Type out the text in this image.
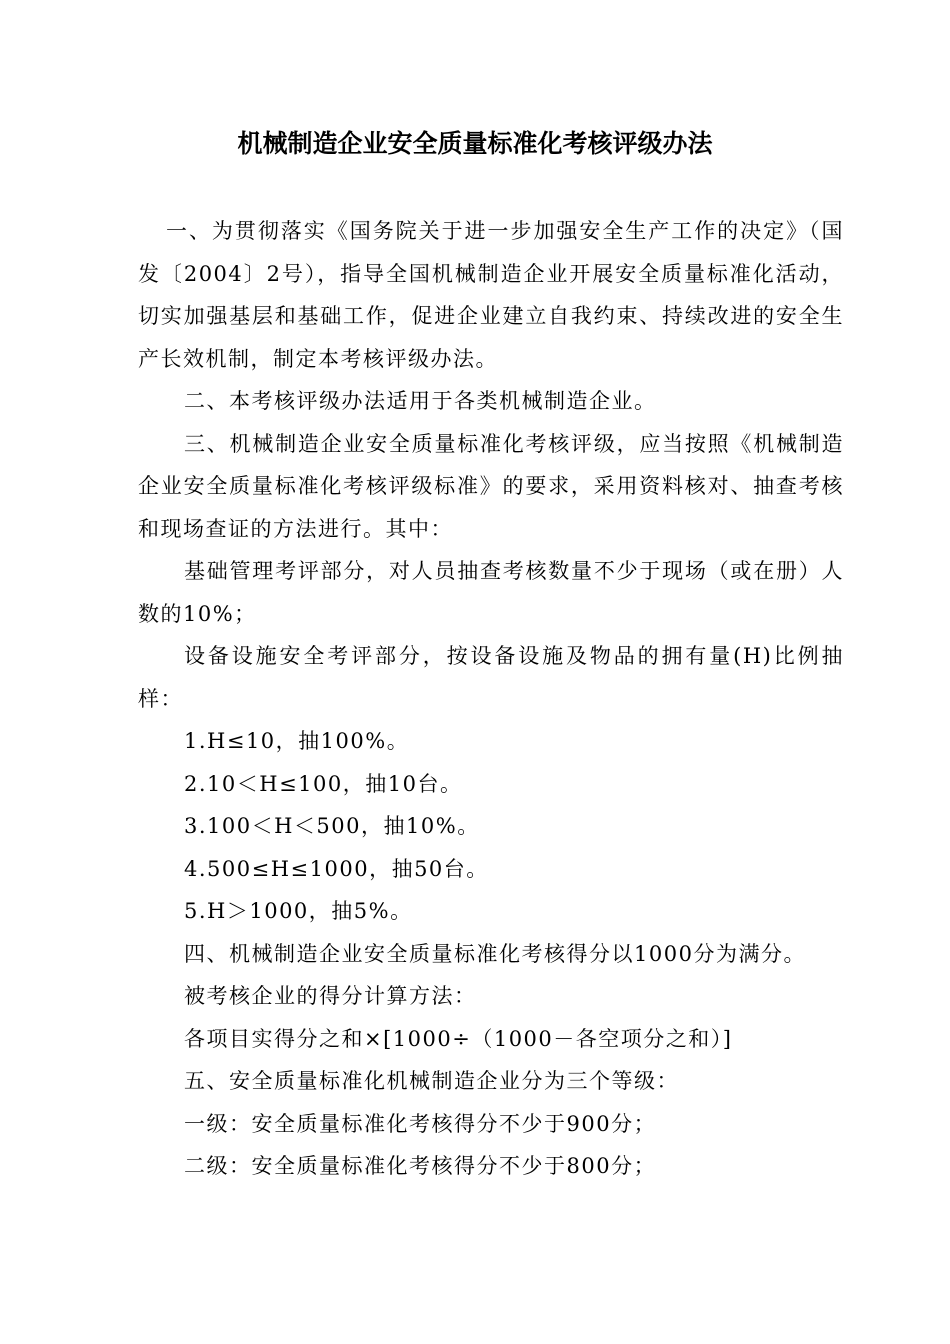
机械制造企业安全质量标准化考核评级办法

一、为贯彻落实《国务院关于进一步加强安全生产工作的决定》（国发〔2004〕2号），指导全国机械制造企业开展安全质量标准化活动，切实加强基层和基础工作，促进企业建立自我约束、持续改进的安全生产长效机制，制定本考核评级办法。

二、本考核评级办法适用于各类机械制造企业。

三、机械制造企业安全质量标准化考核评级，应当按照《机械制造企业安全质量标准化考核评级标准》的要求，采用资料核对、抽查考核和现场查证的方法进行。其中：

基础管理考评部分，对人员抽查考核数量不少于现场（或在册）人数的10%；

设备设施安全考评部分，按设备设施及物品的拥有量(H)比例抽样：

1.H≤10，抽100%。

2.10＜H≤100，抽10台。

3.100＜H＜500，抽10%。

4.500≤H≤1000，抽50台。

5.H＞1000，抽5%。

四、机械制造企业安全质量标准化考核得分以1000分为满分。

被考核企业的得分计算方法：

各项目实得分之和×[1000÷（1000－各空项分之和）]

五、安全质量标准化机械制造企业分为三个等级：

一级：安全质量标准化考核得分不少于900分；

二级：安全质量标准化考核得分不少于800分；
